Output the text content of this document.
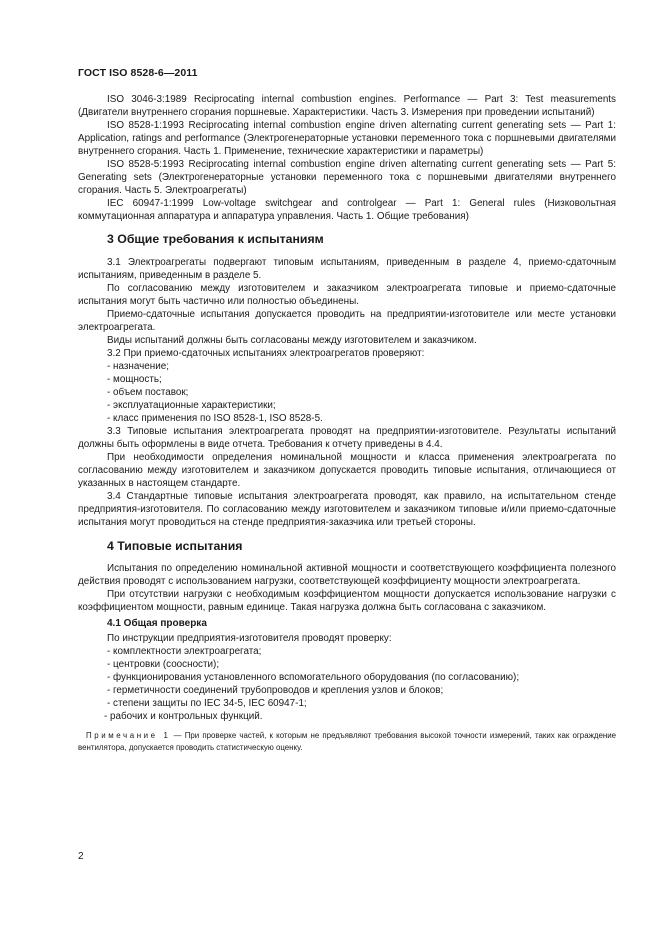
ГОСТ ISO 8528-6—2011

ISO 3046-3:1989 Reciprocating internal combustion engines. Performance — Part 3: Test measurements (Двигатели внутреннего сгорания поршневые. Характеристики. Часть 3. Измерения при проведении испытаний)

ISO 8528-1:1993 Reciprocating internal combustion engine driven alternating current generating sets — Part 1: Application, ratings and performance (Электрогенераторные установки переменного тока с поршневыми двигателями внутреннего сгорания. Часть 1. Применение, технические характеристики и параметры)

ISO 8528-5:1993 Reciprocating internal combustion engine driven alternating current generating sets — Part 5: Generating sets (Электрогенераторные установки переменного тока с поршневыми двигателями внутреннего сгорания. Часть 5. Электроагрегаты)

IEC 60947-1:1999 Low-voltage switchgear and controlgear — Part 1: General rules (Низковольтная коммутационная аппаратура и аппаратура управления. Часть 1. Общие требования)

3 Общие требования к испытаниям

3.1 Электроагрегаты подвергают типовым испытаниям, приведенным в разделе 4, приемо-сдаточным испытаниям, приведенным в разделе 5.

По согласованию между изготовителем и заказчиком электроагрегата типовые и приемо-сдаточные испытания могут быть частично или полностью объединены.

Приемо-сдаточные испытания допускается проводить на предприятии-изготовителе или месте установки электроагрегата.

Виды испытаний должны быть согласованы между изготовителем и заказчиком.

3.2 При приемо-сдаточных испытаниях электроагрегатов проверяют:

- назначение;

- мощность;

- объем поставок;

- эксплуатационные характеристики;

- класс применения по ISO 8528-1, ISO 8528-5.

3.3 Типовые испытания электроагрегата проводят на предприятии-изготовителе. Результаты испытаний должны быть оформлены в виде отчета. Требования к отчету приведены в 4.4.

При необходимости определения номинальной мощности и класса применения электроагрегата по согласованию между изготовителем и заказчиком допускается проводить типовые испытания, отличающиеся от указанных в настоящем стандарте.

3.4 Стандартные типовые испытания электроагрегата проводят, как правило, на испытательном стенде предприятия-изготовителя. По согласованию между изготовителем и заказчиком типовые и/или приемо-сдаточные испытания могут проводиться на стенде предприятия-заказчика или третьей стороны.

4 Типовые испытания

Испытания по определению номинальной активной мощности и соответствующего коэффициента полезного действия проводят с использованием нагрузки, соответствующей коэффициенту мощности электроагрегата.

При отсутствии нагрузки с необходимым коэффициентом мощности допускается использование нагрузки с коэффициентом мощности, равным единице. Такая нагрузка должна быть согласована с заказчиком.

4.1 Общая проверка

По инструкции предприятия-изготовителя проводят проверку:

- комплектности электроагрегата;

- центровки (соосности);

- функционирования установленного вспомогательного оборудования (по согласованию);

- герметичности соединений трубопроводов и крепления узлов и блоков;

- степени защиты по IEC 34-5, IEC 60947-1;

- рабочих и контрольных функций.

Примечание 1 — При проверке частей, к которым не предъявляют требования высокой точности измерений, таких как ограждение вентилятора, допускается проводить статистическую оценку.

2
